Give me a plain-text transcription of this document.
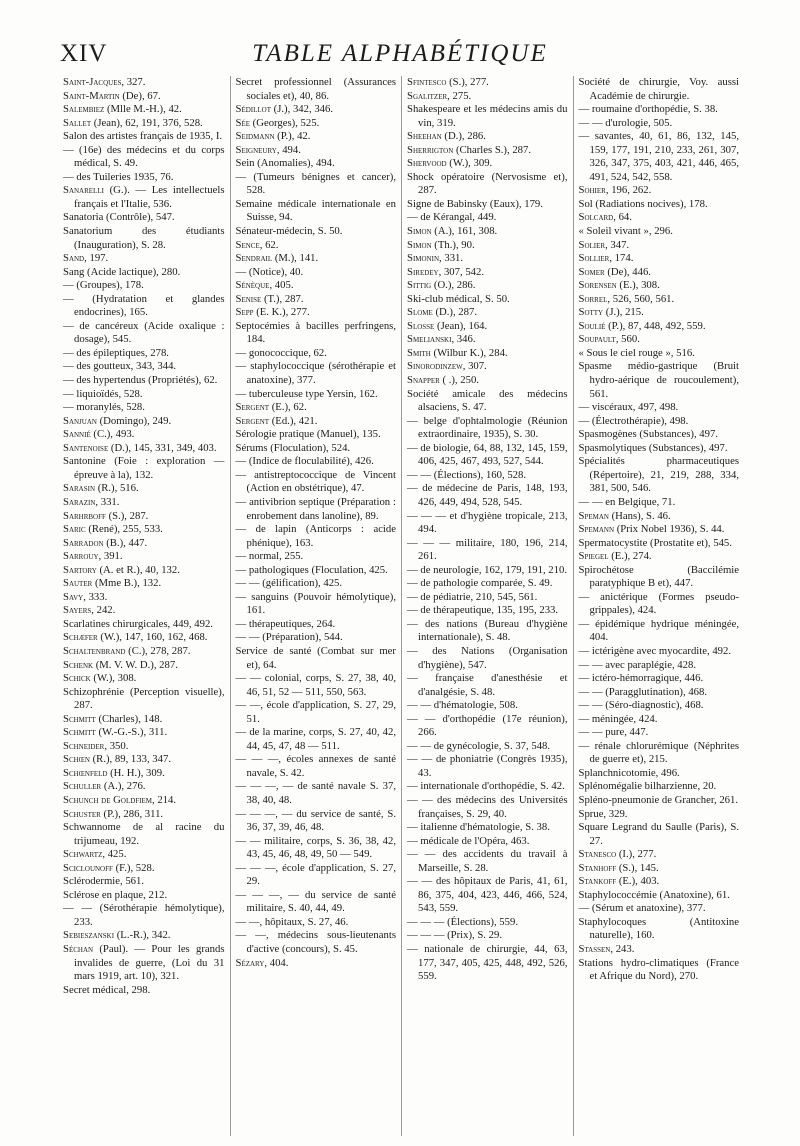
XIV	TABLE ALPHABÉTIQUE

Saint-Jacques, 327.

Saint-Martin (De), 67.

Salembiez (Mlle M.-H.), 42.

Sallet (Jean), 62, 191, 376, 528.

Salon des artistes français de 1935, I.

— (16e) des médecins et du corps médical, S. 49.

— des Tuileries 1935, 76.

Sanarelli (G.). — Les intellectuels français et l'Italie, 536.

Sanatoria (Contrôle), 547.

Sanatorium des étudiants (Inauguration), S. 28.

Sand, 197.

Sang (Acide lactique), 280.

— (Groupes), 178.

— (Hydratation et glandes endocrines), 165.

— de cancéreux (Acide oxalique : dosage), 545.

— des épileptiques, 278.

— des goutteux, 343, 344.

— des hypertendus (Propriétés), 62.

— liquioïdés, 528.

— moranylés, 528.

Sanjuan (Domingo), 249.

Sannié (C.), 493.

Santenoise (D.), 145, 331, 349, 403.

Santonine (Foie : exploration — épreuve à la), 132.

Sarasin (R.), 516.

Sarazin, 331.

Sarhrboff (S.), 287.

Saric (René), 255, 533.

Sarradon (B.), 447.

Sarrouy, 391.

Sartory (A. et R.), 40, 132.

Sauter (Mme B.), 132.

Savy, 333.

Sayers, 242.

Scarlatines chirurgicales, 449, 492.

Schæfer (W.), 147, 160, 162, 468.

Schaltenbrand (C.), 278, 287.

Schenk (M. V. W. D.), 287.

Schick (W.), 308.

Schizophrénie (Perception visuelle), 287.

Schmitt (Charles), 148.

Schmitt (W.-G.-S.), 311.

Schneider, 350.

Schœn (R.), 89, 133, 347.

Schœnfeld (H. H.), 309.

Schuller (A.), 276.

Schunch de Goldfiem, 214.

Schuster (P.), 286, 311.

Schwannome de al racine du trijumeau, 192.

Schwartz, 425.

Sciclounoff (F.), 528.

Sclérodermie, 561.

Sclérose en plaque, 212.

— — (Sérothérapie hémolytique), 233.

Sebieszanski (L.-R.), 342.

Séchan (Paul). — Pour les grands invalides de guerre, (Loi du 31 mars 1919, art. 10), 321.

Secret médical, 298.

Secret professionnel (Assurances sociales et), 40, 86.

Sédillot (J.), 342, 346.

Sée (Georges), 525.

Seidmann (P.), 42.

Seigneury, 494.

Sein (Anomalies), 494.

— (Tumeurs bénignes et cancer), 528.

Semaine médicale internationale en Suisse, 94.

Sénateur-médecin, S. 50.

Sence, 62.

Sendrail (M.), 141.

— (Notice), 40.

Sénèque, 405.

Senise (T.), 287.

Sepp (E. K.), 277.

Septocémies à bacilles perfringens, 184.

— gonococcique, 62.

— staphylococcique (sérothérapie et anatoxine), 377.

— tuberculeuse type Yersin, 162.

Sergent (E.), 62.

Sergent (Ed.), 421.

Sérologie pratique (Manuel), 135.

Sérums (Floculation), 524.

— (Indice de floculabilité), 426.

— antistreptococcique de Vincent (Action en obstétrique), 47.

— antivibrion septique (Préparation : enrobement dans lanoline), 89.

— de lapin (Anticorps : acide phénique), 163.

— normal, 255.

— pathologiques (Floculation, 425.

— — (gélification), 425.

— sanguins (Pouvoir hémolytique), 161.

— thérapeutiques, 264.

— — (Préparation), 544.

Service de santé (Combat sur mer et), 64.

— — colonial, corps, S. 27, 38, 40, 46, 51, 52 — 511, 550, 563.

— —, école d'application, S. 27, 29, 51.

— de la marine, corps, S. 27, 40, 42, 44, 45, 47, 48 — 511.

— — —, écoles annexes de santé navale, S. 42.

— — —, — de santé navale S. 37, 38, 40, 48.

— — —, — du service de santé, S. 36, 37, 39, 46, 48.

— — militaire, corps, S. 36, 38, 42, 43, 45, 46, 48, 49, 50 — 549.

— — —, école d'application, S. 27, 29.

— — —, — du service de santé militaire, S. 40, 44, 49.

— —, hôpitaux, S. 27, 46.

— —, médecins sous-lieutenants d'active (concours), S. 45.

Sézary, 404.

Sfintesco (S.), 277.

Sgalitzer, 275.

Shakespeare et les médecins amis du vin, 319.

Sheehan (D.), 286.

Sherrigton (Charles S.), 287.

Shervood (W.), 309.

Shock opératoire (Nervosisme et), 287.

Signe de Babinsky (Eaux), 179.

— de Kérangal, 449.

Simon (A.), 161, 308.

Simon (Th.), 90.

Simonin, 331.

Siredey, 307, 542.

Sittig (O.), 286.

Ski-club médical, S. 50.

Slome (D.), 287.

Slosse (Jean), 164.

Smelianski, 346.

Smith (Wilbur K.), 284.

Sinorodinzew, 307.

Snapper ( .), 250.

Société amicale des médecins alsaciens, S. 47.

— belge d'ophtalmologie (Réunion extraordinaire, 1935), S. 30.

— de biologie, 64, 88, 132, 145, 159, 406, 425, 467, 493, 527, 544.

— — (Élections), 160, 528.

— de médecine de Paris, 148, 193, 426, 449, 494, 528, 545.

— — — et d'hygiène tropicale, 213, 494.

— — — militaire, 180, 196, 214, 261.

— de neurologie, 162, 179, 191, 210.

— de pathologie comparée, S. 49.

— de pédiatrie, 210, 545, 561.

— de thérapeutique, 135, 195, 233.

— des nations (Bureau d'hygiène internationale), S. 48.

— des Nations (Organisation d'hygiène), 547.

— française d'anesthésie et d'analgésie, S. 48.

— — d'hématologie, 508.

— — d'orthopédie (17e réunion), 266.

— — de gynécologie, S. 37, 548.

— — de phoniatrie (Congrès 1935), 43.

— internationale d'orthopédie, S. 42.

— — des médecins des Universités françaises, S. 29, 40.

— italienne d'hématologie, S. 38.

— médicale de l'Opéra, 463.

— — des accidents du travail à Marseille, S. 28.

— — des hôpitaux de Paris, 41, 61, 86, 375, 404, 423, 446, 466, 524, 543, 559.

— — — (Élections), 559.

— — — (Prix), S. 29.

— nationale de chirurgie, 44, 63, 177, 347, 405, 425, 448, 492, 526, 559.

Société de chirurgie, Voy. aussi Académie de chirurgie.

— roumaine d'orthopédie, S. 38.

— — d'urologie, 505.

— savantes, 40, 61, 86, 132, 145, 159, 177, 191, 210, 233, 261, 307, 326, 347, 375, 403, 421, 446, 465, 491, 524, 542, 558.

Sohier, 196, 262.

Sol (Radiations nocives), 178.

Solcard, 64.

« Soleil vivant », 296.

Solier, 347.

Sollier, 174.

Somer (De), 446.

Sorensen (E.), 308.

Sorrel, 526, 560, 561.

Sotty (J.), 215.

Soulié (P.), 87, 448, 492, 559.

Soupault, 560.

« Sous le ciel rouge », 516.

Spasme médio-gastrique (Bruit hydro-aérique de roucoulement), 561.

— viscéraux, 497, 498.

— (Électrothérapie), 498.

Spasmogènes (Substances), 497.

Spasmolytiques (Substances), 497.

Spécialités pharmaceutiques (Répertoire), 21, 219, 288, 334, 381, 500, 546.

— — en Belgique, 71.

Speman (Hans), S. 46.

Spemann (Prix Nobel 1936), S. 44.

Spermatocystite (Prostatite et), 545.

Spiegel (E.), 274.

Spirochétose (Baccilémie paratyphique B et), 447.

— anictérique (Formes pseudo-grippales), 424.

— épidémique hydrique méningée, 404.

— ictérigène avec myocardite, 492.

— — avec paraplégie, 428.

— ictéro-hémorragique, 446.

— — (Paragglutination), 468.

— — (Séro-diagnostic), 468.

— méningée, 424.

— — pure, 447.

— rénale chlorurémique (Néphrites de guerre et), 215.

Splanchnicotomie, 496.

Splénomégalie bilharzienne, 20.

Spléno-pneumonie de Grancher, 261.

Sprue, 329.

Square Legrand du Saulle (Paris), S. 27.

Stanesco (I.), 277.

Stanhoff (S.), 145.

Stankoff (E.), 403.

Staphylococcémie (Anatoxine), 61.

— (Sérum et anatoxine), 377.

Staphylocoques (Antitoxine naturelle), 160.

Stassen, 243.

Stations hydro-climatiques (France et Afrique du Nord), 270.
